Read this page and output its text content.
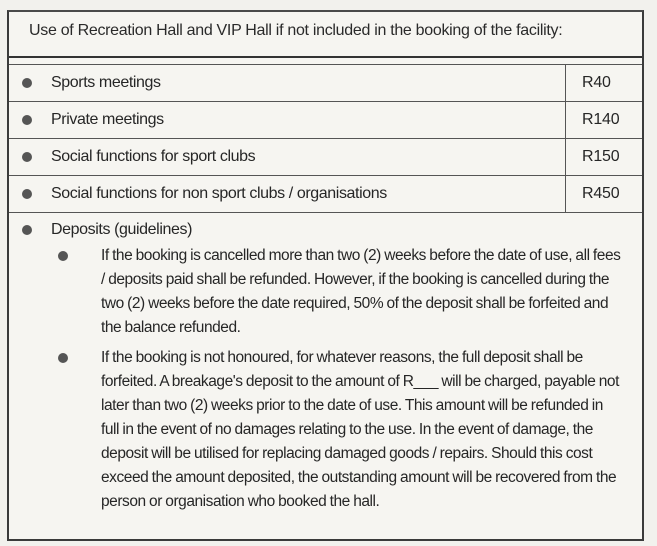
Use of Recreation Hall and VIP Hall if not included in the booking of the facility:
Sports meetings	R40

Private meetings	R140

Social functions for sport clubs	R150

Social functions for non sport clubs / organisations	R450
Deposits (guidelines)

If the booking is cancelled more than two (2) weeks before the date of use, all fees / deposits paid shall be refunded. However, if the booking is cancelled during the two (2) weeks before the date required, 50% of the deposit shall be forfeited and the balance refunded.

If the booking is not honoured, for whatever reasons, the full deposit shall be forfeited. A breakage's deposit to the amount of R___ will be charged, payable not later than two (2) weeks prior to the date of use. This amount will be refunded in full in the event of no damages relating to the use. In the event of damage, the deposit will be utilised for replacing damaged goods / repairs. Should this cost exceed the amount deposited, the outstanding amount will be recovered from the person or organisation who booked the hall.
